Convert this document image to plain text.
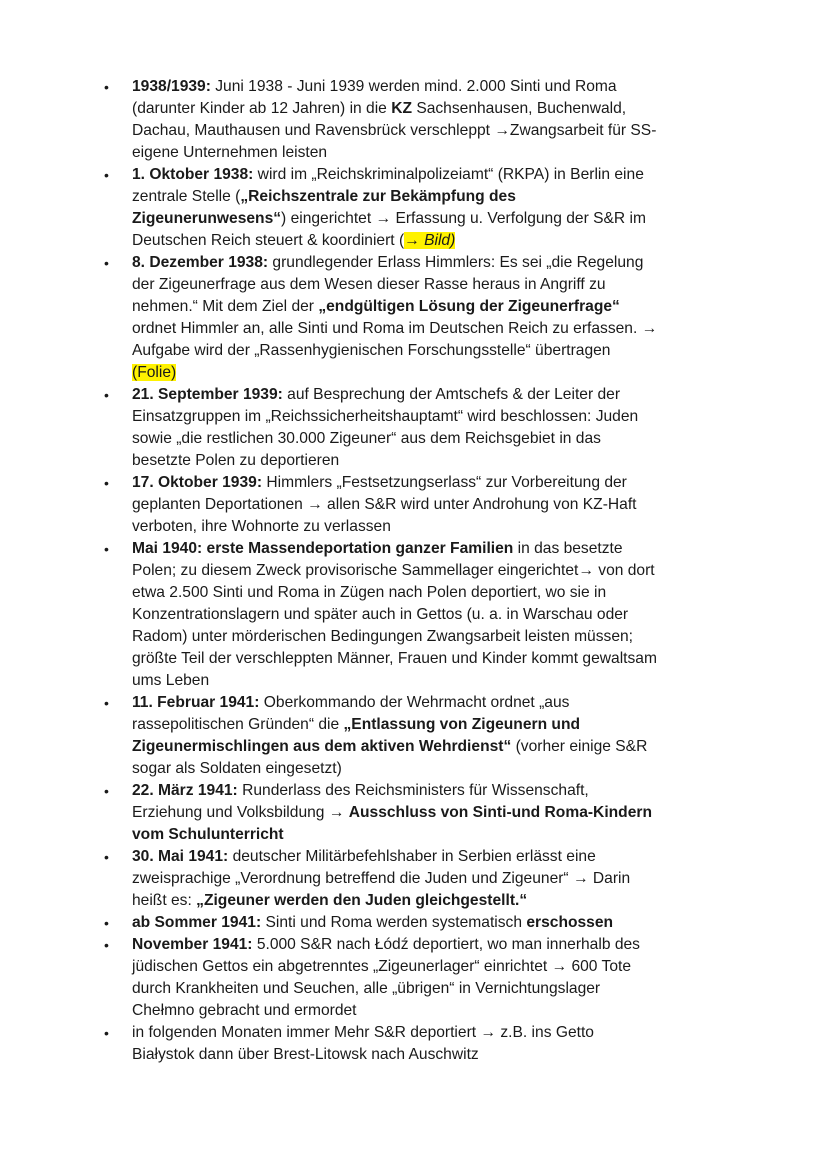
• 1938/1939: Juni 1938 - Juni 1939 werden mind. 2.000 Sinti und Roma (darunter Kinder ab 12 Jahren) in die KZ Sachsenhausen, Buchenwald, Dachau, Mauthausen und Ravensbrück verschleppt →Zwangsarbeit für SS-eigene Unternehmen leisten
• 1. Oktober 1938: wird im „Reichskriminalpolizeiamt“ (RKPA) in Berlin eine zentrale Stelle („Reichszentrale zur Bekämpfung des Zigeunerunwesens“) eingerichtet → Erfassung u. Verfolgung der S&R im Deutschen Reich steuert & koordiniert (→ Bild)
• 8. Dezember 1938: grundlegender Erlass Himmlers: Es sei „die Regelung der Zigeunerfrage aus dem Wesen dieser Rasse heraus in Angriff zu nehmen.“ Mit dem Ziel der „endgültigen Lösung der Zigeunerfrage“ ordnet Himmler an, alle Sinti und Roma im Deutschen Reich zu erfassen. → Aufgabe wird der „Rassenhygienischen Forschungsstelle“ übertragen (Folie)
• 21. September 1939: auf Besprechung der Amtschefs & der Leiter der Einsatzgruppen im „Reichssicherheitshauptamt“ wird beschlossen: Juden sowie „die restlichen 30.000 Zigeuner“ aus dem Reichsgebiet in das besetzte Polen zu deportieren
• 17. Oktober 1939: Himmlers „Festsetzungserlass“ zur Vorbereitung der geplanten Deportationen → allen S&R wird unter Androhung von KZ-Haft verboten, ihre Wohnorte zu verlassen
• Mai 1940: erste Massendeportation ganzer Familien in das besetzte Polen; zu diesem Zweck provisorische Sammellager eingerichtet→ von dort etwa 2.500 Sinti und Roma in Zügen nach Polen deportiert, wo sie in Konzentrationslagern und später auch in Gettos (u. a. in Warschau oder Radom) unter mörderischen Bedingungen Zwangsarbeit leisten müssen; größte Teil der verschleppten Männer, Frauen und Kinder kommt gewaltsam ums Leben
• 11. Februar 1941: Oberkommando der Wehrmacht ordnet „aus rassepolitischen Gründen“ die „Entlassung von Zigeunern und Zigeunermischlingen aus dem aktiven Wehrdienst“ (vorher einige S&R sogar als Soldaten eingesetzt)
• 22. März 1941: Runderlass des Reichsministers für Wissenschaft, Erziehung und Volksbildung → Ausschluss von Sinti-und Roma-Kindern vom Schulunterricht
• 30. Mai 1941: deutscher Militärbefehlshaber in Serbien erlässt eine zweisprachige „Verordnung betreffend die Juden und Zigeuner“ → Darin heißt es: „Zigeuner werden den Juden gleichgestellt.“
• ab Sommer 1941: Sinti und Roma werden systematisch erschossen
• November 1941: 5.000 S&R nach Łódź deportiert, wo man innerhalb des jüdischen Gettos ein abgetrenntes „Zigeunerlager“ einrichtet → 600 Tote durch Krankheiten und Seuchen, alle „übrigen“ in Vernichtungslager Chełmno gebracht und ermordet
• in folgenden Monaten immer Mehr S&R deportiert → z.B. ins Getto Białystok dann über Brest-Litowsk nach Auschwitz
